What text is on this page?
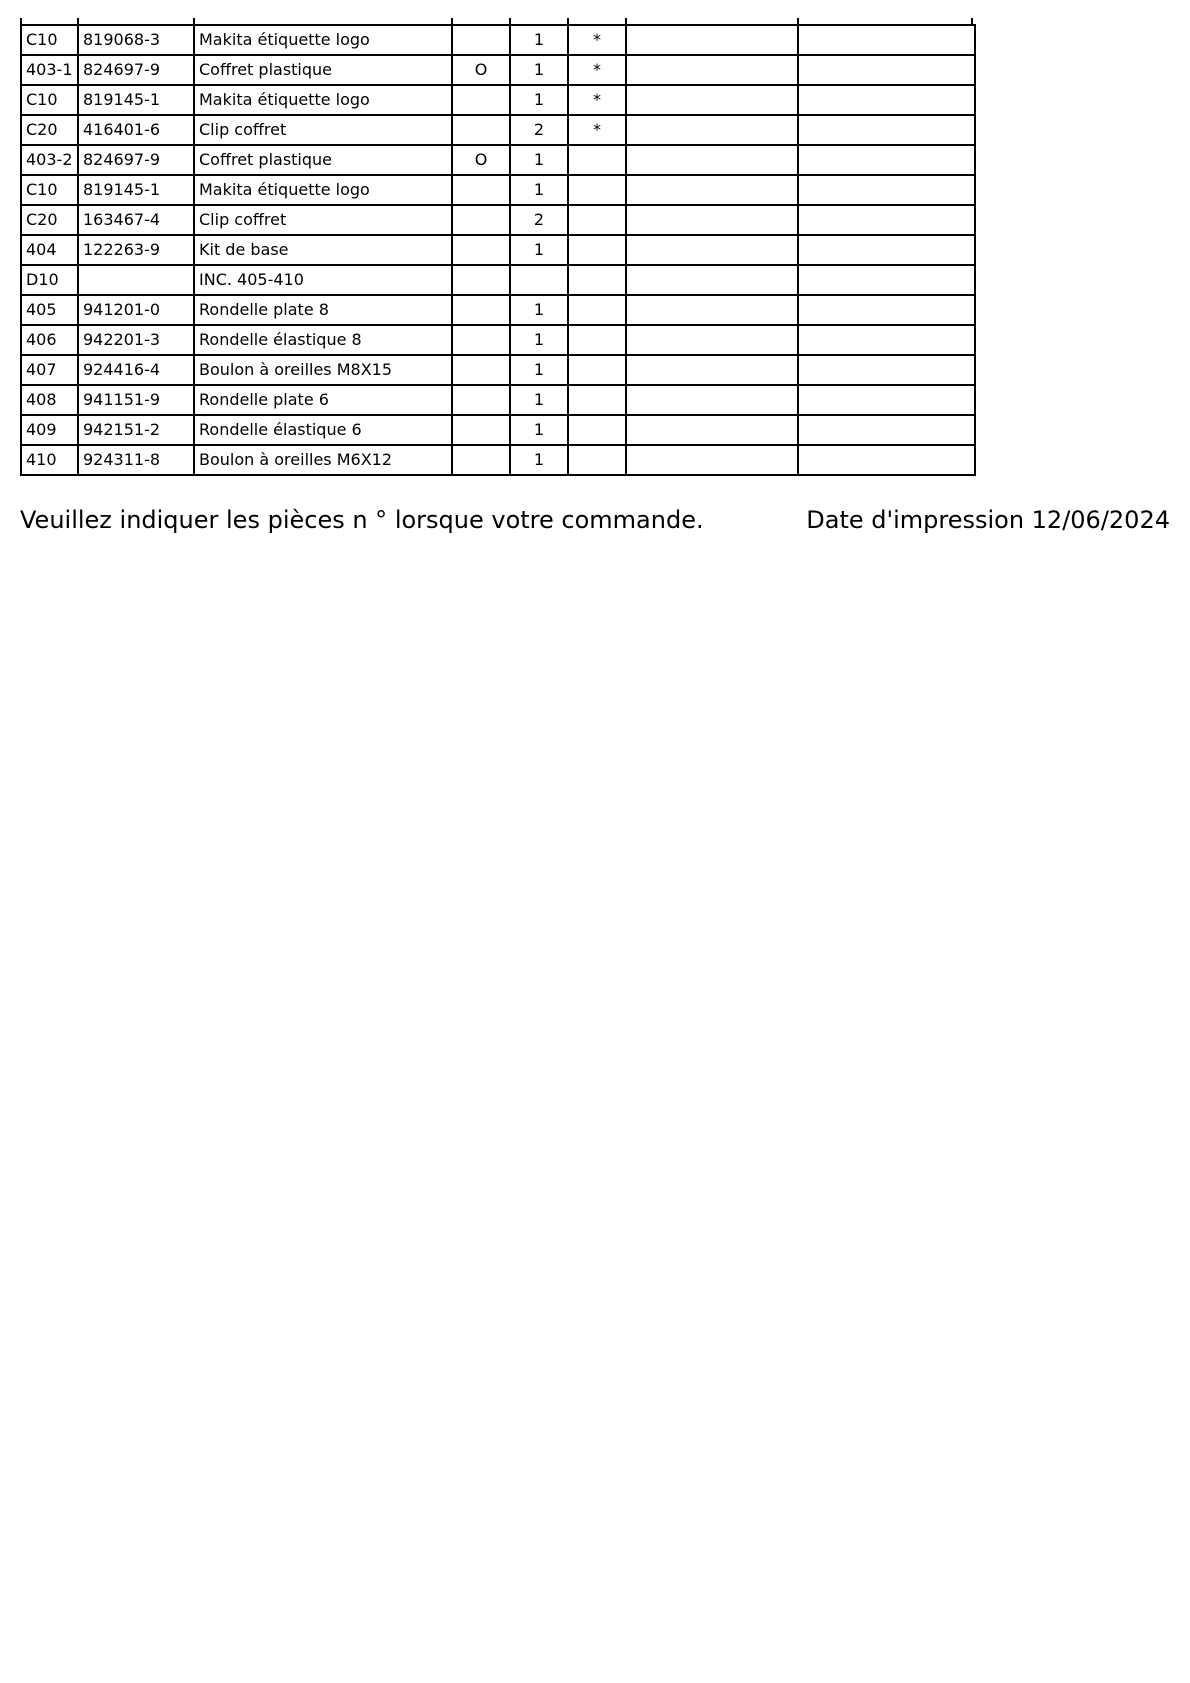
C10	819068-3	Makita étiquette logo		1	*		
403-1	824697-9	Coffret plastique	O	1	*		
C10	819145-1	Makita étiquette logo		1	*		
C20	416401-6	Clip coffret		2	*		
403-2	824697-9	Coffret plastique	O	1			
C10	819145-1	Makita étiquette logo		1			
C20	163467-4	Clip coffret		2			
404	122263-9	Kit de base		1			
D10		INC. 405-410					
405	941201-0	Rondelle plate 8		1			
406	942201-3	Rondelle élastique 8		1			
407	924416-4	Boulon à oreilles M8X15		1			
408	941151-9	Rondelle plate 6		1			
409	942151-2	Rondelle élastique 6		1			
410	924311-8	Boulon à oreilles M6X12		1			
Veuillez indiquer les pièces n ° lorsque votre commande.	Date d'impression 12/06/2024
